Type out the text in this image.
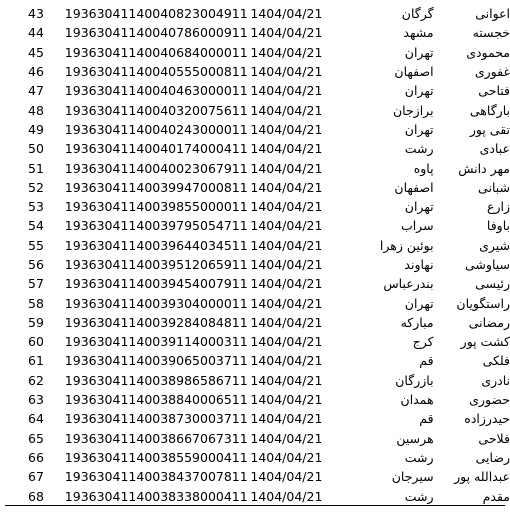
43	19363041140040823004911	1404/04/21	گرگان	اعوانی
44	19363041140040786000911	1404/04/21	مشهد	خجسته
45	19363041140040684000011	1404/04/21	تهران	محمودی
46	19363041140040555000811	1404/04/21	اصفهان	غفوری
47	19363041140040463000011	1404/04/21	تهران	فتاحی
48	19363041140040320075611	1404/04/21	برازجان	بارگاهی
49	19363041140040243000011	1404/04/21	تهران	تقی پور
50	19363041140040174000411	1404/04/21	رشت	عبادی
51	19363041140040023067911	1404/04/21	پاوه	مهر دانش
52	19363041140039947000811	1404/04/21	اصفهان	شبانی
53	19363041140039855000011	1404/04/21	تهران	زارع
54	19363041140039795054711	1404/04/21	سراب	باوفا
55	19363041140039644034511	1404/04/21	بوئین زهرا	شیری
56	19363041140039512065911	1404/04/21	نهاوند	سیاوشی
57	19363041140039454007911	1404/04/21	بندرعباس	رئیسی
58	19363041140039304000011	1404/04/21	تهران	راستگویان
59	19363041140039284084811	1404/04/21	مبارکه	رمضانی
60	19363041140039114000311	1404/04/21	کرج	کشت پور
61	19363041140039065003711	1404/04/21	قم	فلکی
62	19363041140038986586711	1404/04/21	بازرگان	نادری
63	19363041140038840006511	1404/04/21	همدان	حضوری
64	19363041140038730003711	1404/04/21	قم	حیدرزاده
65	19363041140038667067311	1404/04/21	هرسین	فلاحی
66	19363041140038559000411	1404/04/21	رشت	رضایی
67	19363041140038437007811	1404/04/21	سیرجان	عبدالله پور
68	19363041140038338000411	1404/04/21	رشت	مقدم
